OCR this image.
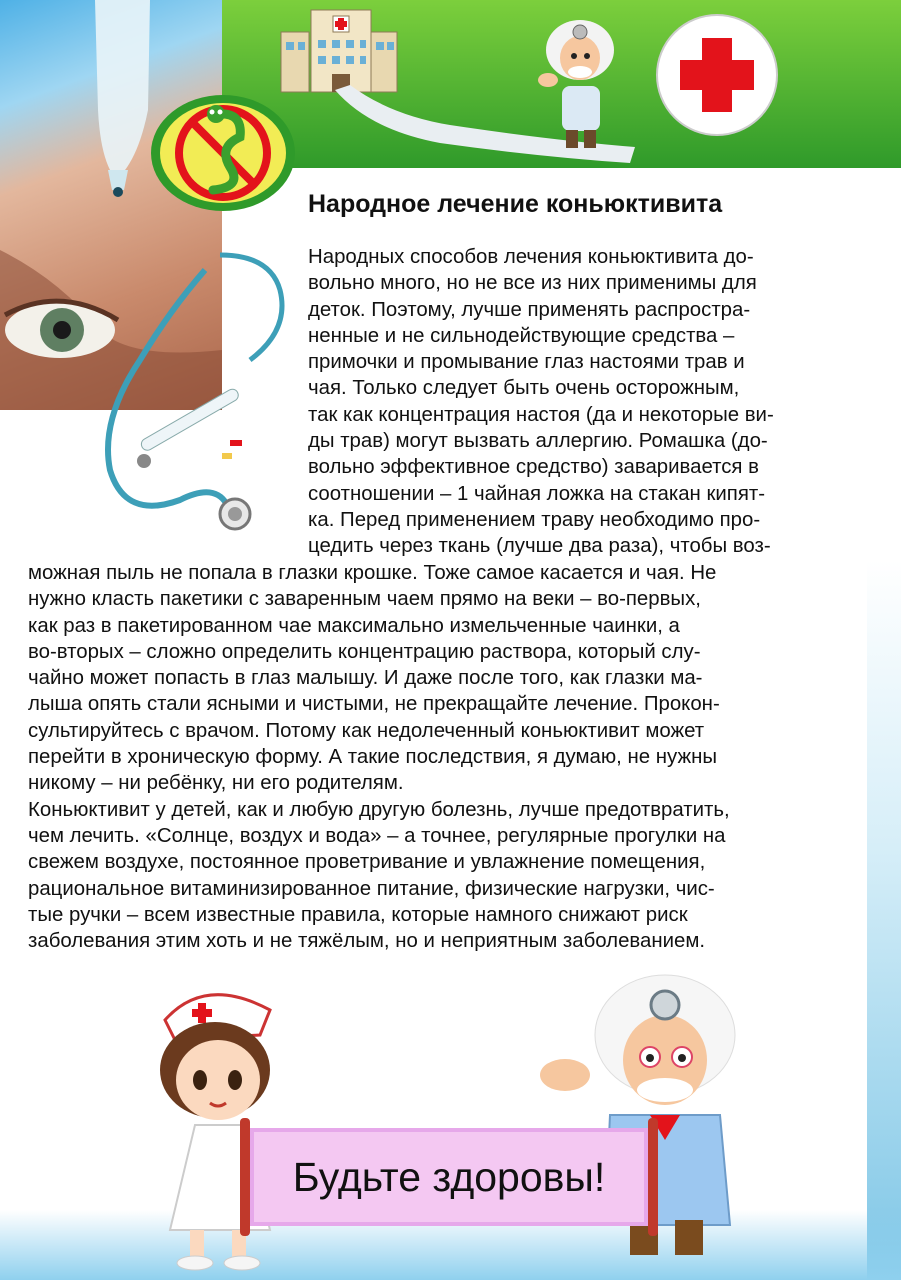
Народное лечение коньюктивита
Народных способов лечения коньюктивита до-
вольно много, но не все из них применимы для
деток. Поэтому, лучше применять распростра-
ненные и не сильнодействующие средства –
примочки и промывание глаз настоями трав и
чая. Только следует быть очень осторожным,
так как концентрация настоя (да и некоторые ви-
ды трав) могут вызвать аллергию. Ромашка (до-
вольно эффективное средство) заваривается в
соотношении – 1 чайная ложка на стакан кипят-
ка. Перед применением траву необходимо про-
цедить через ткань (лучше два раза), чтобы воз-
можная пыль не попала в глазки крошке. Тоже самое касается и чая. Не
нужно класть пакетики с заваренным чаем прямо на веки – во-первых,
как раз в пакетированном чае максимально измельченные чаинки, а
во-вторых – сложно определить концентрацию раствора, который слу-
чайно может попасть в глаз малышу. И даже после того, как глазки ма-
лыша опять стали ясными и чистыми, не прекращайте лечение. Прокон-
сультируйтесь с врачом. Потому как недолеченный коньюктивит может
перейти в хроническую форму. А такие последствия, я думаю, не нужны
никому – ни ребёнку, ни его родителям.
Коньюктивит у детей, как и любую другую болезнь, лучше предотвратить,
чем лечить. «Солнце, воздух и вода» – а точнее, регулярные прогулки на
свежем воздухе, постоянное проветривание и увлажнение помещения,
рациональное витаминизированное питание, физические нагрузки, чис-
тые ручки – всем известные правила, которые намного снижают риск
заболевания этим хоть и не тяжёлым, но и неприятным заболеванием.
Будьте здоровы!
